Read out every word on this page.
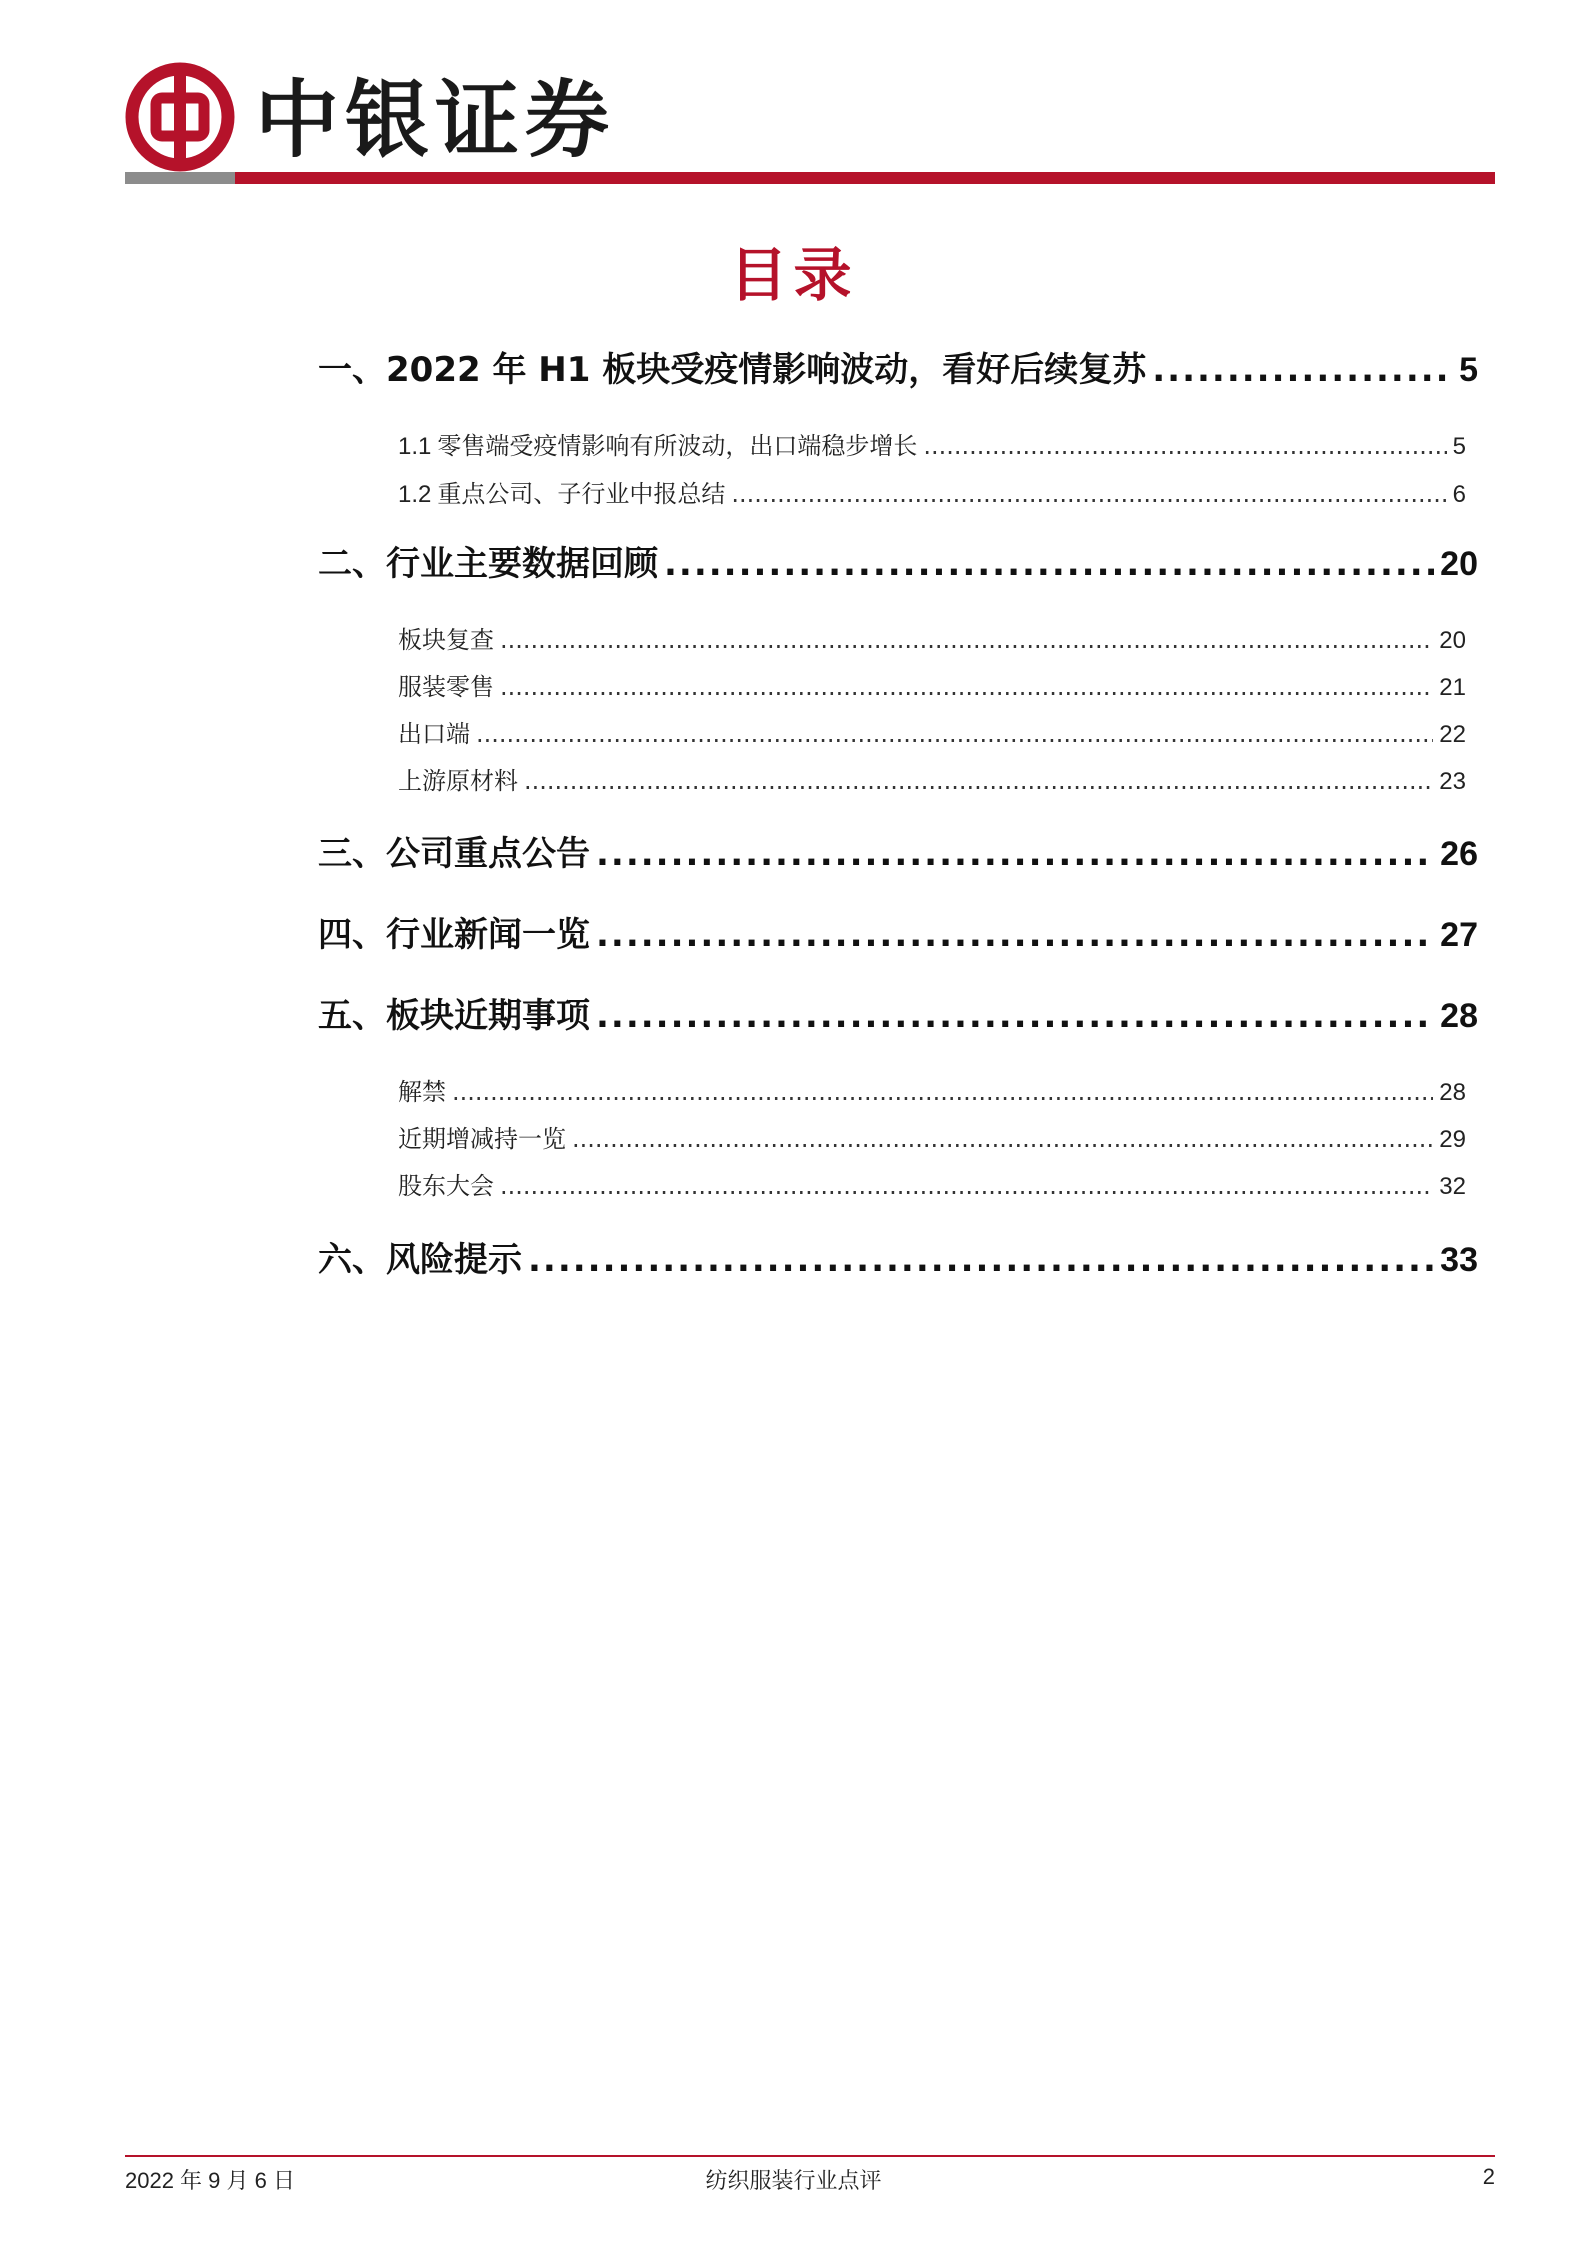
中银证券
目录
一、 2022 年 H1 板块受疫情影响波动，看好后续复苏 .....	5
1.1 零售端受疫情影响有所波动，出口端稳步增长 .....	5
1.2 重点公司、子行业中报总结 .....	6
二、 行业主要数据回顾 .....	20
板块复查 .....	20
服装零售 .....	21
出口端 .....	22
上游原材料 .....	23
三、 公司重点公告 .....	26
四、 行业新闻一览 .....	27
五、 板块近期事项 .....	28
解禁 .....	28
近期增减持一览 .....	29
股东大会 .....	32
六、 风险提示 .....	33
2022 年 9 月 6 日	纺织服装行业点评	2
